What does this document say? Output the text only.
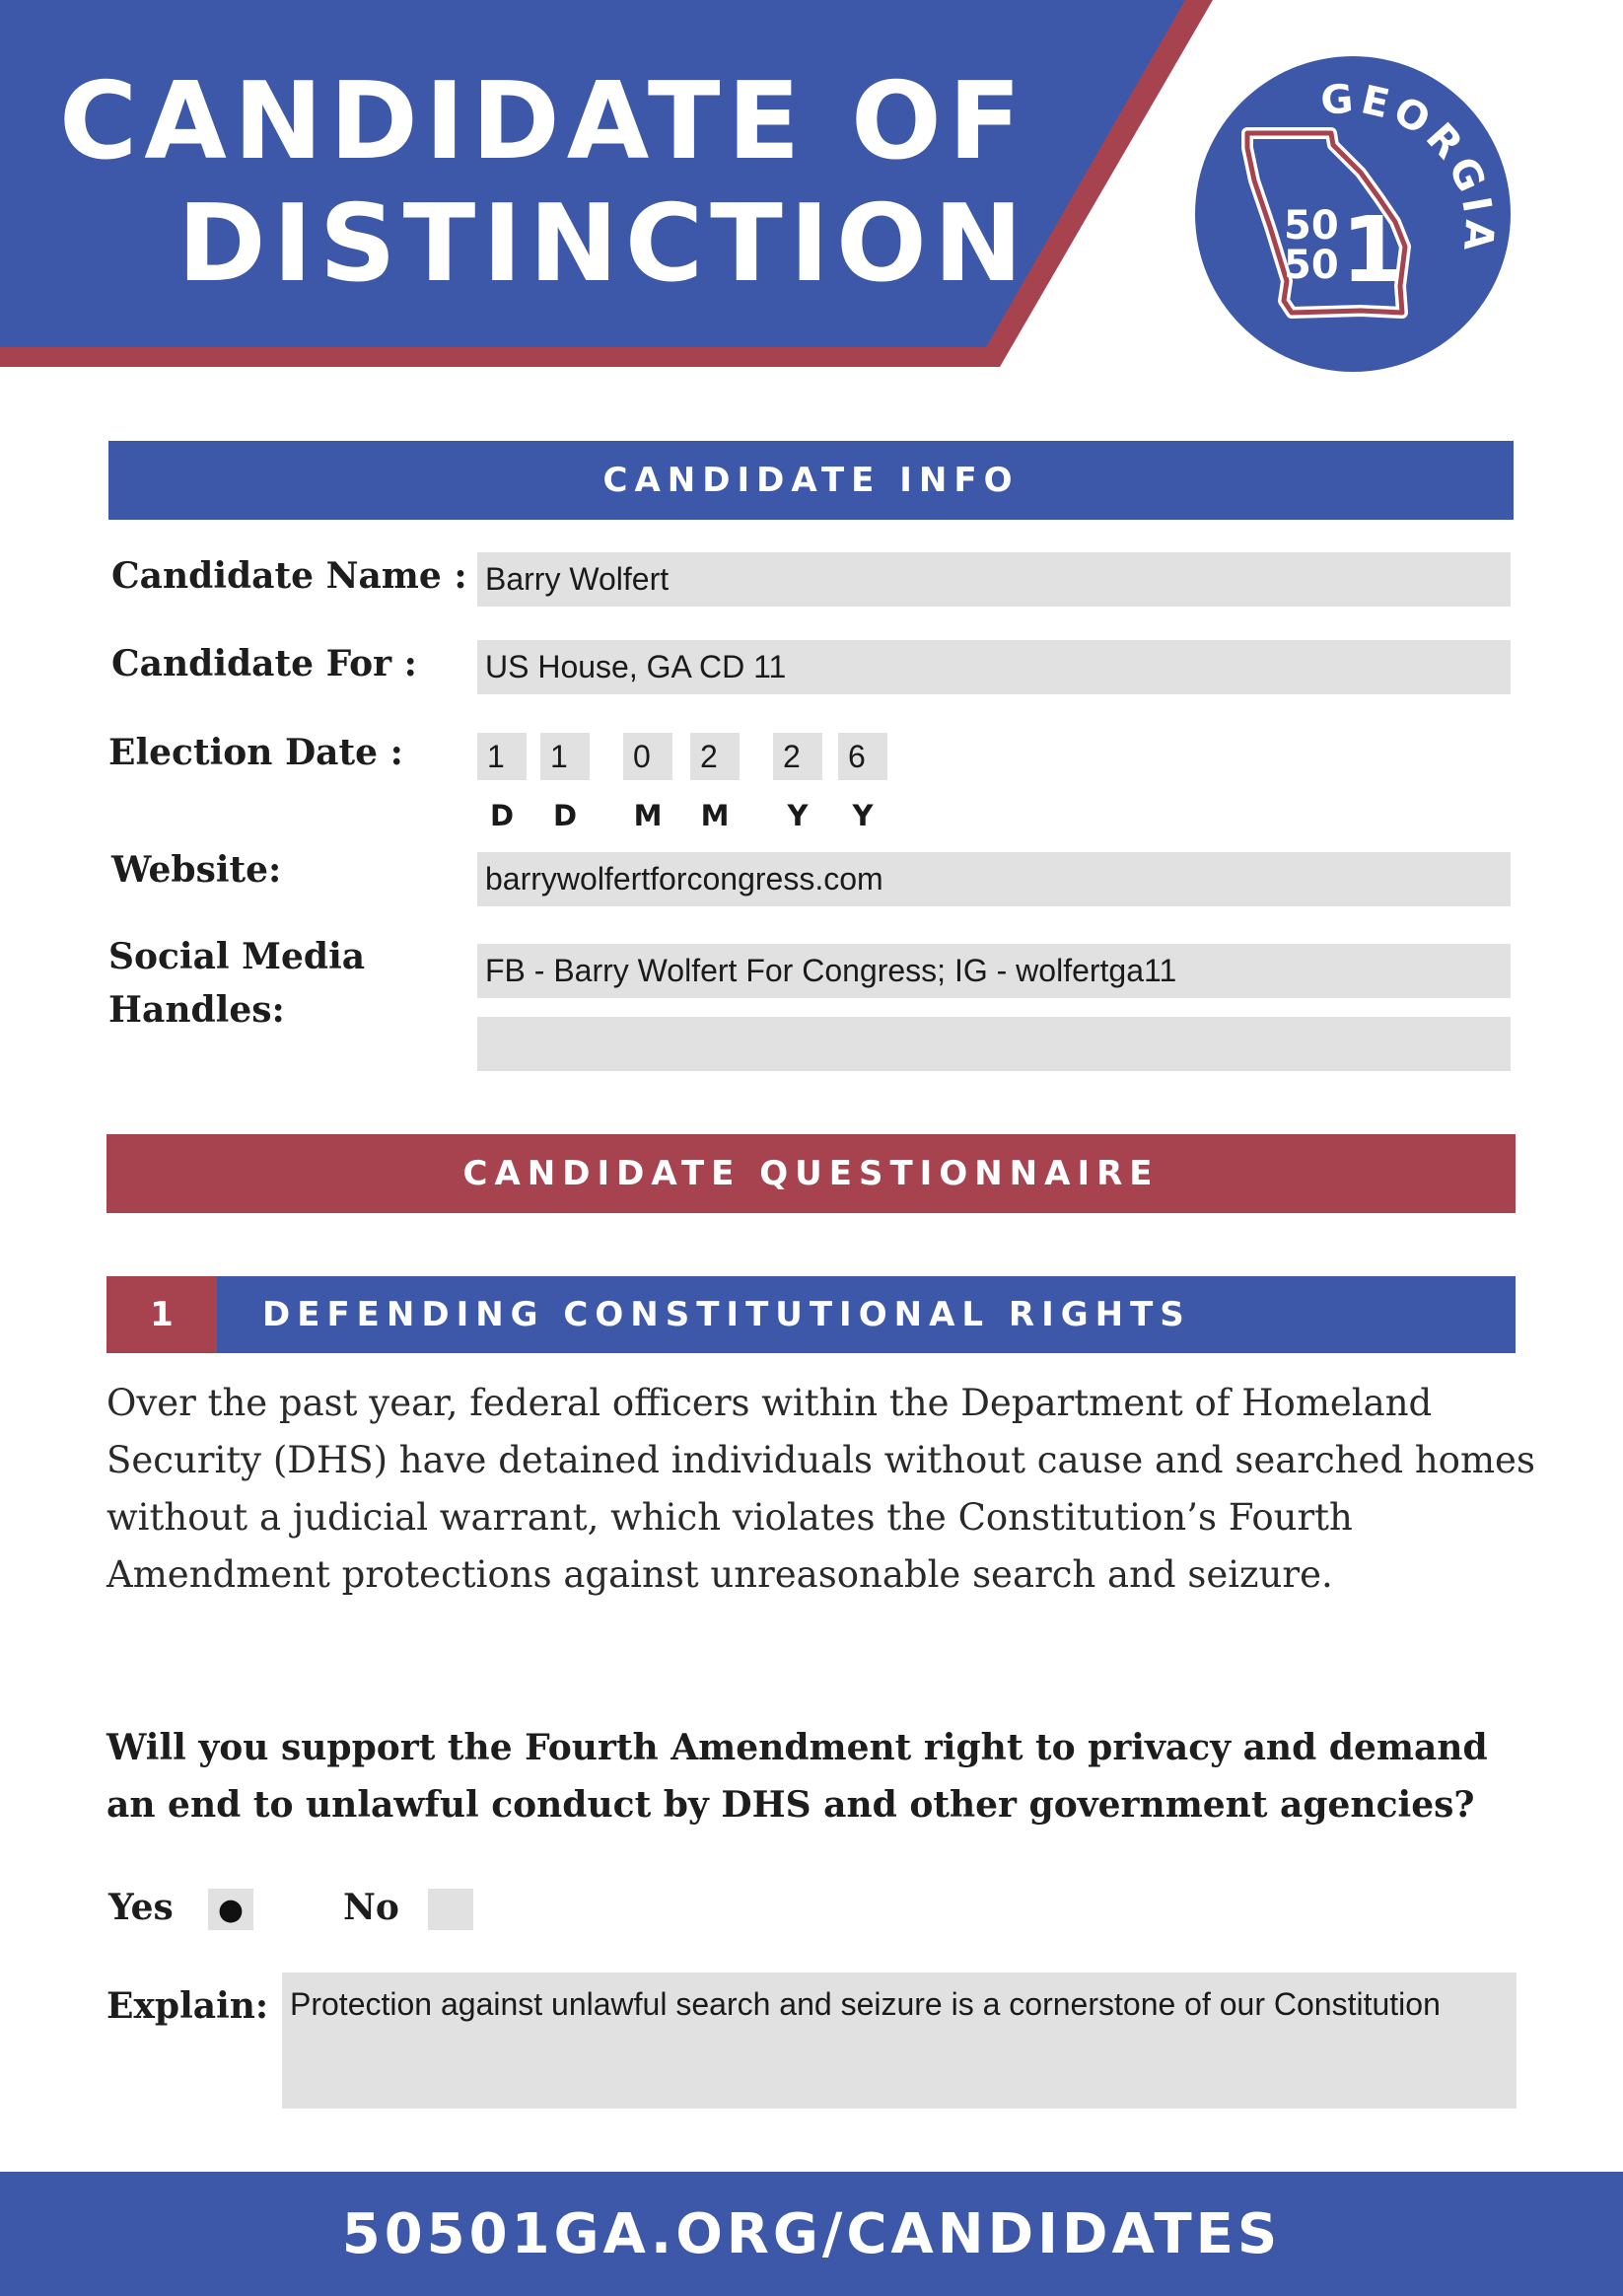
CANDIDATE OF
DISTINCTION
GEORGIA
50
50 1
CANDIDATE INFO
Candidate Name : Barry Wolfert
Candidate For : US House, GA CD 11
Election Date :	1	1	0	2	2	6
D	D	M	M	Y	Y
Website:	barrywolfertforcongress.com
Social Media
Handles:
FB - Barry Wolfert For Congress; IG - wolfertga11
CANDIDATE QUESTIONNAIRE
1	DEFENDING CONSTITUTIONAL RIGHTS
Over the past year, federal officers within the Department of Homeland Security (DHS) have detained individuals without cause and searched homes without a judicial warrant, which violates the Constitution’s Fourth Amendment protections against unreasonable search and seizure.
Will you support the Fourth Amendment right to privacy and demand an end to unlawful conduct by DHS and other government agencies?
Yes	●	No
Explain: Protection against unlawful search and seizure is a cornerstone of our Constitution
50501GA.ORG/CANDIDATES
